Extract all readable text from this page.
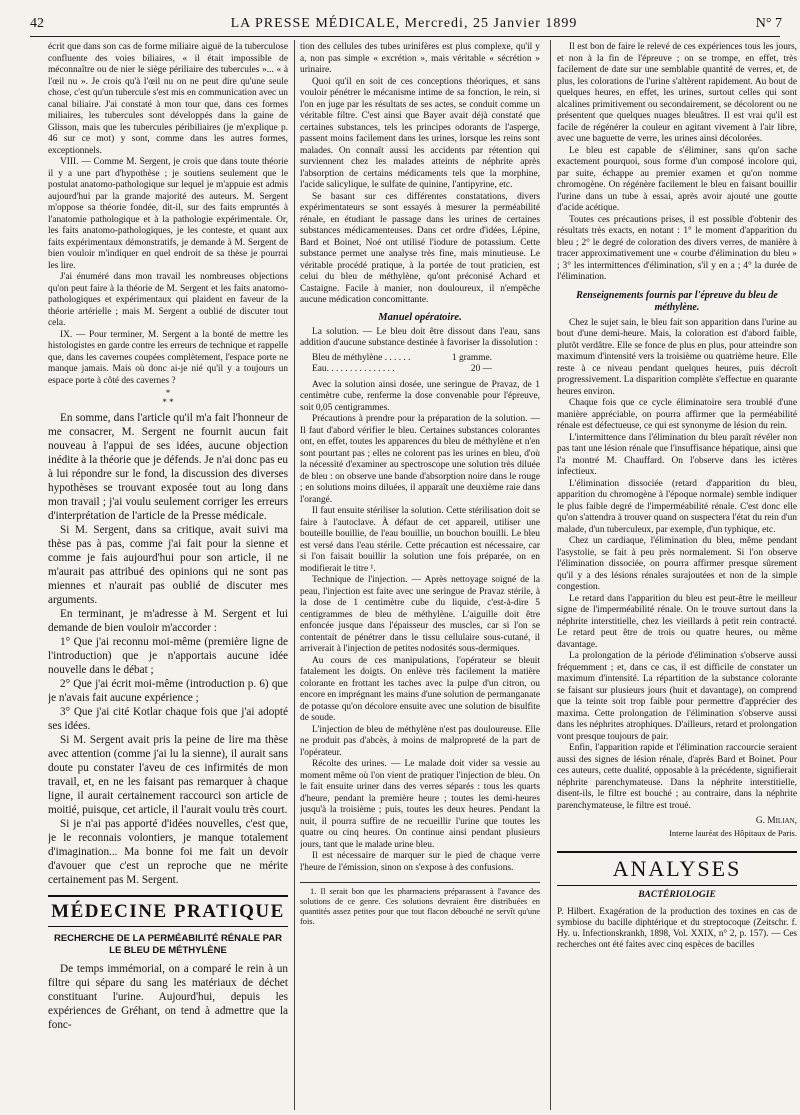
42	LA PRESSE MÉDICALE, Mercredi, 25 Janvier 1899	N° 7

écrit que dans son cas de forme miliaire aiguë de la tuberculose confluente des voies biliaires, « il était impossible de méconnaître ou de nier le siège périliaire des tubercules »... « à l'œil nu ». Je crois qu'à l'œil nu on ne peut dire qu'une seule chose, c'est qu'un tubercule s'est mis en communication avec un canal biliaire. J'ai constaté à mon tour que, dans ces formes miliaires, les tubercules sont développés dans la gaine de Glisson, mais que les tubercules péribiliaires (je m'explique p. 46 sur ce mot) y sont, comme dans les autres formes, exceptionnels.

VIII. — Comme M. Sergent, je crois que dans toute théorie il y a une part d'hypothèse ; je soutiens seulement que le postulat anatomo-pathologique sur lequel je m'appuie est admis aujourd'hui par la grande majorité des auteurs. M. Sergent m'oppose sa théorie fondée, dit-il, sur des faits empruntés à l'anatomie pathologique et à la pathologie expérimentale. Or, les faits anatomo-pathologiques, je les conteste, et quant aux faits expérimentaux démonstratifs, je demande à M. Sergent de bien vouloir m'indiquer en quel endroit de sa thèse je pourrai les lire.

J'ai énuméré dans mon travail les nombreuses objections qu'on peut faire à la théorie de M. Sergent et les faits anatomo-pathologiques et expérimentaux qui plaident en faveur de la théorie artérielle ; mais M. Sergent a oublié de discuter tout cela.

IX. — Pour terminer, M. Sergent a la bonté de mettre les histologistes en garde contre les erreurs de technique et rappelle que, dans les cavernes coupées complètement, l'espace porte ne manque jamais. Mais où donc ai-je nié qu'il y a toujours un espace porte à côté des cavernes ?

*
* *

En somme, dans l'article qu'il m'a fait l'honneur de me consacrer, M. Sergent ne fournit aucun fait nouveau à l'appui de ses idées, aucune objection inédite à la théorie que je défends. Je n'ai donc pas eu à lui répondre sur le fond, la discussion des diverses hypothèses se trouvant exposée tout au long dans mon travail ; j'ai voulu seulement corriger les erreurs d'interprétation de l'article de la Presse médicale.

Si M. Sergent, dans sa critique, avait suivi ma thèse pas à pas, comme j'ai fait pour la sienne et comme je fais aujourd'hui pour son article, il ne m'aurait pas attribué des opinions qui ne sont pas miennes et n'aurait pas oublié de discuter mes arguments.

En terminant, je m'adresse à M. Sergent et lui demande de bien vouloir m'accorder :

1° Que j'ai reconnu moi-même (première ligne de l'introduction) que je n'apportais aucune idée nouvelle dans le débat ;

2° Que j'ai écrit moi-même (introduction p. 6) que je n'avais fait aucune expérience ;

3° Que j'ai cité Kotlar chaque fois que j'ai adopté ses idées.

Si M. Sergent avait pris la peine de lire ma thèse avec attention (comme j'ai lu la sienne), il aurait sans doute pu constater l'aveu de ces infirmités de mon travail, et, en ne les faisant pas remarquer à chaque ligne, il aurait certainement raccourci son article de moitié, puisque, cet article, il l'aurait voulu très court.

Si je n'ai pas apporté d'idées nouvelles, c'est que, je le reconnais volontiers, je manque totalement d'imagination... Ma bonne foi me fait un devoir d'avouer que c'est un reproche que ne mérite certainement pas M. Sergent.

MÉDECINE PRATIQUE
RECHERCHE DE LA PERMÉABILITÉ RÉNALE PAR LE BLEU DE MÉTHYLÈNE

De temps immémorial, on a comparé le rein à un filtre qui sépare du sang les matériaux de déchet constituant l'urine. Aujourd'hui, depuis les expériences de Gréhant, on tend à admettre que la fonc-

tion des cellules des tubes urinifères est plus complexe, qu'il y a, non pas simple « excrétion », mais véritable « sécrétion » urinaire.

Quoi qu'il en soit de ces conceptions théoriques, et sans vouloir pénétrer le mécanisme intime de sa fonction, le rein, si l'on en juge par les résultats de ses actes, se conduit comme un véritable filtre. C'est ainsi que Bayer avait déjà constaté que certaines substances, tels les principes odorants de l'asperge, passent moins facilement dans les urines, lorsque les reins sont malades. On connaît aussi les accidents par rétention qui surviennent chez les malades atteints de néphrite après l'absorption de certains médicaments tels que la morphine, l'acide salicylique, le sulfate de quinine, l'antipyrine, etc.

Se basant sur ces différentes constatations, divers expérimentateurs se sont essayés à mesurer la perméabilité rénale, en étudiant le passage dans les urines de certaines substances médicamenteuses. Dans cet ordre d'idées, Lépine, Bard et Boinet, Noé ont utilisé l'iodure de potassium. Cette substance permet une analyse très fine, mais minutieuse. Le véritable procédé pratique, à la portée de tout praticien, est celui du bleu de méthylène, qu'ont préconisé Achard et Castaigne. Facile à manier, non douloureux, il n'empêche aucune médication concomittante.

Manuel opératoire.

La solution. — Le bleu doit être dissout dans l'eau, sans addition d'aucune substance destinée à favoriser la dissolution :

Bleu de méthylène . . . . . .	1 gramme.
Eau. . . . . . . . . . . . . . .	20 —

Avec la solution ainsi dosée, une seringue de Pravaz, de 1 centimètre cube, renferme la dose convenable pour l'épreuve, soit 0,05 centigrammes.

Précautions à prendre pour la préparation de la solution. — Il faut d'abord vérifier le bleu. Certaines substances colorantes ont, en effet, toutes les apparences du bleu de méthylène et n'en sont pourtant pas ; elles ne colorent pas les urines en bleu, d'où la nécessité d'examiner au spectroscope une solution très diluée de bleu : on observe une bande d'absorption noire dans le rouge ; en solutions moins diluées, il apparaît une deuxième raie dans l'orangé.

Il faut ensuite stériliser la solution. Cette stérilisation doit se faire à l'autoclave. À défaut de cet appareil, utiliser une bouteille bouillie, de l'eau bouillie, un bouchon bouilli. Le bleu est versé dans l'eau stérile. Cette précaution est nécessaire, car si l'on faisait bouillir la solution une fois préparée, on en modifierait le titre ¹.

Technique de l'injection. — Après nettoyage soigné de la peau, l'injection est faite avec une seringue de Pravaz stérile, à la dose de 1 centimètre cube du liquide, c'est-à-dire 5 centigrammes de bleu de méthylène. L'aiguille doit être enfoncée jusque dans l'épaisseur des muscles, car si l'on se contentait de pénétrer dans le tissu cellulaire sous-cutané, il arriverait à l'injection de petites nodosités sous-dermiques.

Au cours de ces manipulations, l'opérateur se bleuit fatalement les doigts. On enlève très facilement la matière colorante en frottant les taches avec la pulpe d'un citron, ou encore en imprégnant les mains d'une solution de permanganate de potasse qu'on décolore ensuite avec une solution de bisulfite de soude.

L'injection de bleu de méthylène n'est pas douloureuse. Elle ne produit pas d'abcès, à moins de malpropreté de la part de l'opérateur.

Récolte des urines. — Le malade doit vider sa vessie au moment même où l'on vient de pratiquer l'injection de bleu. On le fait ensuite uriner dans des verres séparés : tous les quarts d'heure, pendant la première heure ; toutes les demi-heures jusqu'à la troisième ; puis, toutes les deux heures. Pendant la nuit, il pourra suffire de ne recueillir l'urine que toutes les quatre ou cinq heures. On continue ainsi pendant plusieurs jours, tant que le malade urine bleu.

Il est nécessaire de marquer sur le pied de chaque verre l'heure de l'émission, sinon on s'expose à des confusions.

1. Il serait bon que les pharmaciens préparassent à l'avance des solutions de ce genre. Ces solutions devraient être distribuées en quantités assez petites pour que tout flacon débouché ne servît qu'une fois.

Il est bon de faire le relevé de ces expériences tous les jours, et non à la fin de l'épreuve ; on se trompe, en effet, très facilement de date sur une semblable quantité de verres, et, de plus, les colorations de l'urine s'altèrent rapidement. Au bout de quelques heures, en effet, les urines, surtout celles qui sont alcalines primitivement ou secondairement, se décolorent ou ne présentent que quelques nuages bleuâtres. Il est vrai qu'il est facile de régénérer la couleur en agitant vivement à l'air libre, avec une baguette de verre, les urines ainsi décolorées.

Le bleu est capable de s'éliminer, sans qu'on sache exactement pourquoi, sous forme d'un composé incolore qui, par suite, échappe au premier examen et qu'on nomme chromogène. On régénère facilement le bleu en faisant bouillir l'urine dans un tube à essai, après avoir ajouté une goutte d'acide acétique.

Toutes ces précautions prises, il est possible d'obtenir des résultats très exacts, en notant : 1° le moment d'apparition du bleu ; 2° le degré de coloration des divers verres, de manière à tracer approximativement une « courbe d'élimination du bleu » ; 3° les intermittences d'élimination, s'il y en a ; 4° la durée de l'élimination.

Renseignements fournis par l'épreuve du bleu de méthylène.

Chez le sujet sain, le bleu fait son apparition dans l'urine au bout d'une demi-heure. Mais, la coloration est d'abord faible, plutôt verdâtre. Elle se fonce de plus en plus, pour atteindre son maximum d'intensité vers la troisième ou quatrième heure. Elle reste à ce niveau pendant quelques heures, puis décroît progressivement. La disparition complète s'effectue en quarante heures environ.

Chaque fois que ce cycle éliminatoire sera troublé d'une manière appréciable, on pourra affirmer que la perméabilité rénale est défectueuse, ce qui est synonyme de lésion du rein.

L'intermittence dans l'élimination du bleu paraît révéler non pas tant une lésion rénale que l'insuffisance hépatique, ainsi que l'a montré M. Chauffard. On l'observe dans les ictères infectieux.

L'élimination dissociée (retard d'apparition du bleu, apparition du chromogène à l'époque normale) semble indiquer le plus faible degré de l'imperméabilité rénale. C'est donc elle qu'on s'attendra à trouver quand on suspectera l'état du rein d'un malade, d'un tuberculeux, par exemple, d'un typhique, etc.

Chez un cardiaque, l'élimination du bleu, même pendant l'asystolie, se fait à peu près normalement. Si l'on observe l'élimination dissociée, on pourra affirmer presque sûrement qu'il y a des lésions rénales surajoutées et non de la simple congestion.

Le retard dans l'apparition du bleu est peut-être le meilleur signe de l'imperméabilité rénale. On le trouve surtout dans la néphrite interstitielle, chez les vieillards à petit rein contracté. Le retard peut être de trois ou quatre heures, ou même davantage.

La prolongation de la période d'élimination s'observe aussi fréquemment ; et, dans ce cas, il est difficile de constater un maximum d'intensité. La répartition de la substance colorante se faisant sur plusieurs jours (huit et davantage), on comprend que la teinte soit trop faible pour permettre d'apprécier des maxima. Cette prolongation de l'élimination s'observe aussi dans les néphrites atrophiques. D'ailleurs, retard et prolongation vont presque toujours de pair.

Enfin, l'apparition rapide et l'élimination raccourcie seraient aussi des signes de lésion rénale, d'après Bard et Boinet. Pour ces auteurs, cette dualité, opposable à la précédente, signifierait néphrite parenchymateuse. Dans la néphrite interstitielle, disent-ils, le filtre est bouché ; au contraire, dans la néphrite parenchymateuse, le filtre est troué.

G. Milian,
Interne lauréat des Hôpitaux de Paris.
ANALYSES
BACTÉRIOLOGIE

P. Hilbert. Exagération de la production des toxines en cas de symbiose du bacille diphtérique et du streptocoque (Zeitschr. f. Hy. u. Infectionskrankh, 1898, Vol. XXIX, n° 2, p. 157). — Ces recherches ont été faites avec cinq espèces de bacilles
